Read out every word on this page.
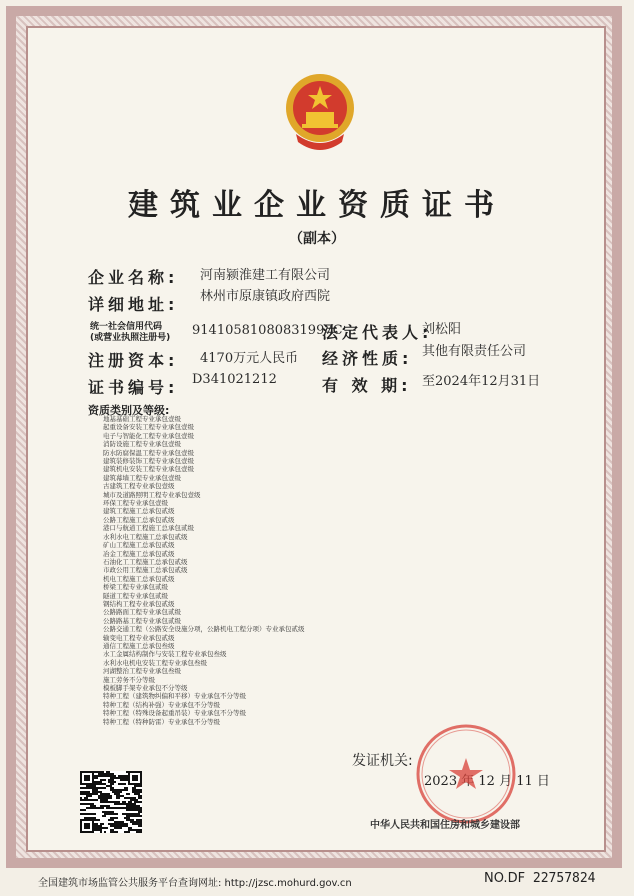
建筑业企业资质证书
（副本）
企业名称: 河南颍淮建工有限公司
详细地址: 林州市原康镇政府西院
统一社会信用代码
(或营业执照注册号) 91410581080831997C
法定代表人:
刘松阳
注册资本: 4170万元人民币 经济性质: 其他有限责任公司
证书编号: D341021212	有 效 期: 至2024年12月31日
资质类别及等级:
地基基础工程专业承包壹级
起重设备安装工程专业承包壹级
电子与智能化工程专业承包壹级
消防设施工程专业承包壹级
防水防腐保温工程专业承包壹级
建筑装修装饰工程专业承包壹级
建筑机电安装工程专业承包壹级
建筑幕墙工程专业承包壹级
古建筑工程专业承包壹级
城市及道路照明工程专业承包壹级
环保工程专业承包壹级
建筑工程施工总承包贰级
公路工程施工总承包贰级
港口与航道工程施工总承包贰级
水利水电工程施工总承包贰级
矿山工程施工总承包贰级
冶金工程施工总承包贰级
石油化工工程施工总承包贰级
市政公用工程施工总承包贰级
机电工程施工总承包贰级
桥梁工程专业承包贰级
隧道工程专业承包贰级
钢结构工程专业承包贰级
公路路面工程专业承包贰级
公路路基工程专业承包贰级
公路交通工程（公路安全设施分项，公路机电工程分项）专业承包贰级
输变电工程专业承包贰级
通信工程施工总承包叁级
水工金属结构制作与安装工程专业承包叁级
水利水电机电安装工程专业承包叁级
河湖整治工程专业承包叁级
施工劳务不分等级
模板脚手架专业承包不分等级
特种工程（建筑物纠偏和平移）专业承包不分等级
特种工程（结构补强）专业承包不分等级
特种工程（特殊设备起重吊装）专业承包不分等级
特种工程（特种防雷）专业承包不分等级
发证机关:
2023 12 月 11 日
中华人民共和国住房和城乡建设部
全国建筑市场监管公共服务平台查询网址: http://jzsc.mohurd.gov.cn	NO.DF 22757824
